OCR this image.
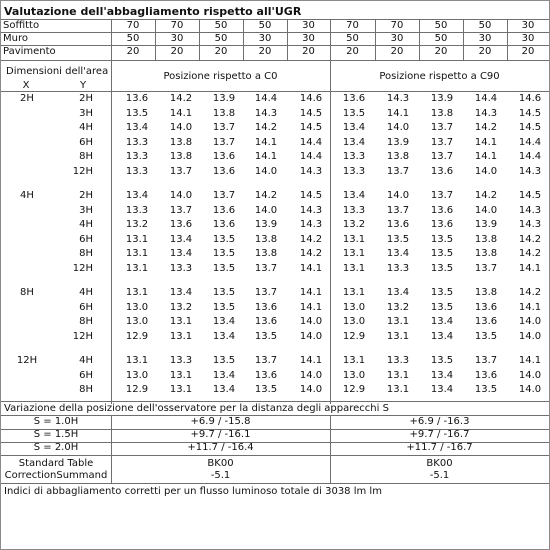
Valutazione dell'abbagliamento rispetto all'UGR
Soffitto	70	70	50	50	30	70	70	50	50	30
Muro	50	30	50	30	30	50	30	50	30	30
Pavimento	20	20	20	20	20	20	20	20	20	20
Dimensioni dell'area
X	Y
Posizione rispetto a C0	Posizione rispetto a C90
2H	2H	13.6	14.2	13.9	14.4	14.6	13.6	14.3	13.9	14.4	14.6
3H	13.5	14.1	13.8	14.3	14.5	13.5	14.1	13.8	14.3	14.5
4H	13.4	14.0	13.7	14.2	14.5	13.4	14.0	13.7	14.2	14.5
6H	13.3	13.8	13.7	14.1	14.4	13.4	13.9	13.7	14.1	14.4
8H	13.3	13.8	13.6	14.1	14.4	13.3	13.8	13.7	14.1	14.4
12H	13.3	13.7	13.6	14.0	14.3	13.3	13.7	13.6	14.0	14.3
4H	2H	13.4	14.0	13.7	14.2	14.5	13.4	14.0	13.7	14.2	14.5
3H	13.3	13.7	13.6	14.0	14.3	13.3	13.7	13.6	14.0	14.3
4H	13.2	13.6	13.6	13.9	14.3	13.2	13.6	13.6	13.9	14.3
6H	13.1	13.4	13.5	13.8	14.2	13.1	13.5	13.5	13.8	14.2
8H	13.1	13.4	13.5	13.8	14.2	13.1	13.4	13.5	13.8	14.2
12H	13.1	13.3	13.5	13.7	14.1	13.1	13.3	13.5	13.7	14.1
8H	4H	13.1	13.4	13.5	13.7	14.1	13.1	13.4	13.5	13.8	14.2
6H	13.0	13.2	13.5	13.6	14.1	13.0	13.2	13.5	13.6	14.1
8H	13.0	13.1	13.4	13.6	14.0	13.0	13.1	13.4	13.6	14.0
12H	12.9	13.1	13.4	13.5	14.0	12.9	13.1	13.4	13.5	14.0
12H	4H	13.1	13.3	13.5	13.7	14.1	13.1	13.3	13.5	13.7	14.1
6H	13.0	13.1	13.4	13.6	14.0	13.0	13.1	13.4	13.6	14.0
8H	12.9	13.1	13.4	13.5	14.0	12.9	13.1	13.4	13.5	14.0
Variazione della posizione dell'osservatore per la distanza degli apparecchi S
S = 1.0H	+6.9 / -15.8	+6.9 / -16.3
S = 1.5H	+9.7 / -16.1	+9.7 / -16.7
S = 2.0H	+11.7 / -16.4	+11.7 / -16.7
Standard Table	BK00	BK00
CorrectionSummand	-5.1	-5.1
Indici di abbagliamento corretti per un flusso luminoso totale di 3038 lm lm
